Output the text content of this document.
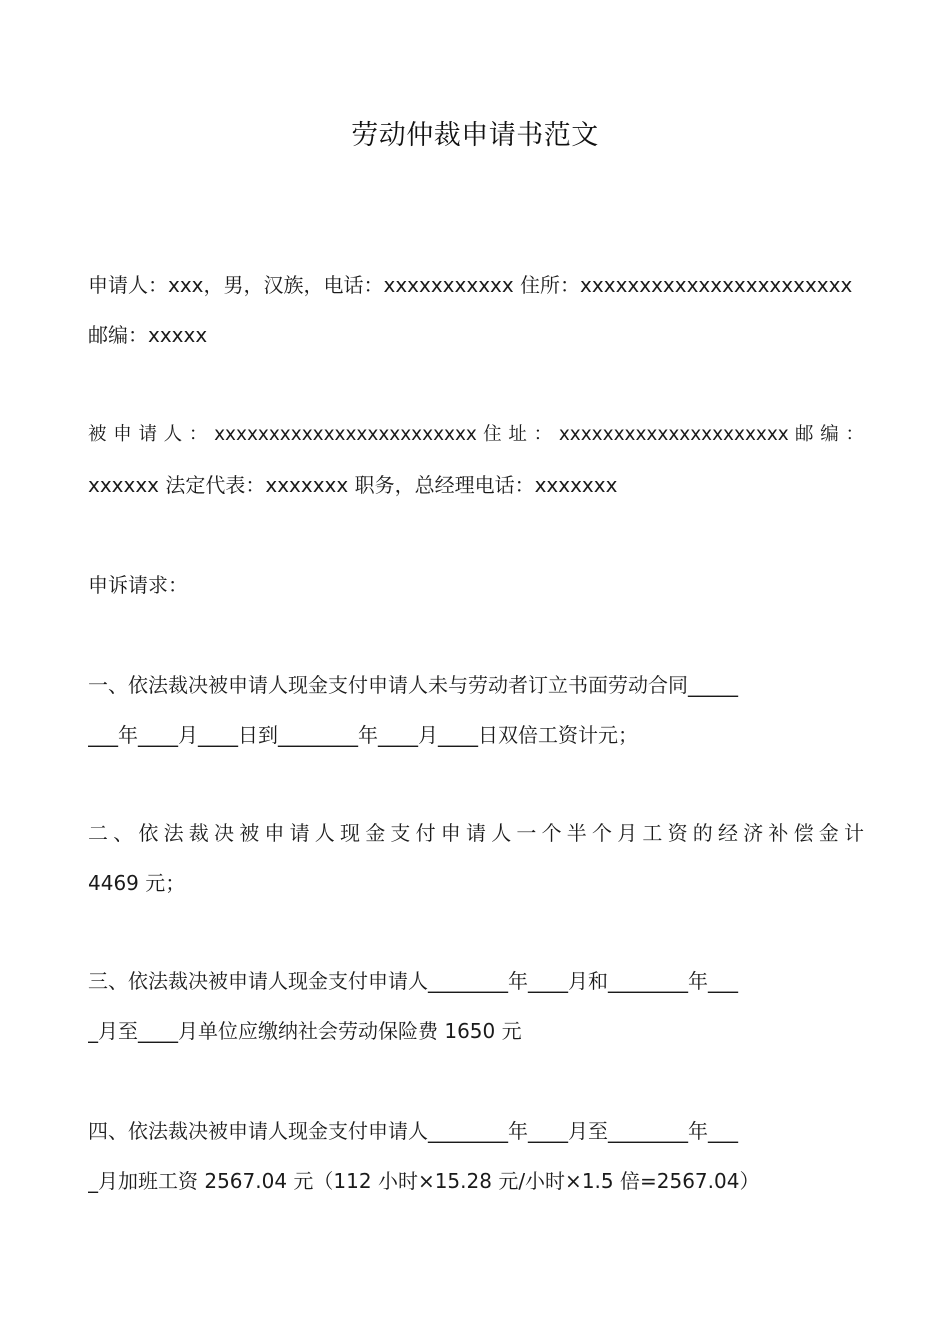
劳动仲裁申请书范文
申请人：xxx，男，汉族，电话：xxxxxxxxxxx 住所：xxxxxxxxxxxxxxxxxxxxxxx
邮编：xxxxx
被 申 请 人 ： xxxxxxxxxxxxxxxxxxxxxxxx 住 址 ： xxxxxxxxxxxxxxxxxxxxx 邮 编 ：
xxxxxx 法定代表：xxxxxxx 职务，总经理电话：xxxxxxx
申诉请求：
一、依法裁决被申请人现金支付申请人未与劳动者订立书面劳动合同_____
___年____月____日到________年____月____日双倍工资计元；
二、依法裁决被申请人现金支付申请人一个半个月工资的经济补偿金计
4469 元；
三、依法裁决被申请人现金支付申请人________年____月和________年___
_月至____月单位应缴纳社会劳动保险费 1650 元
四、依法裁决被申请人现金支付申请人________年____月至________年___
_月加班工资 2567.04 元（112 小时×15.28 元/小时×1.5 倍=2567.04）
